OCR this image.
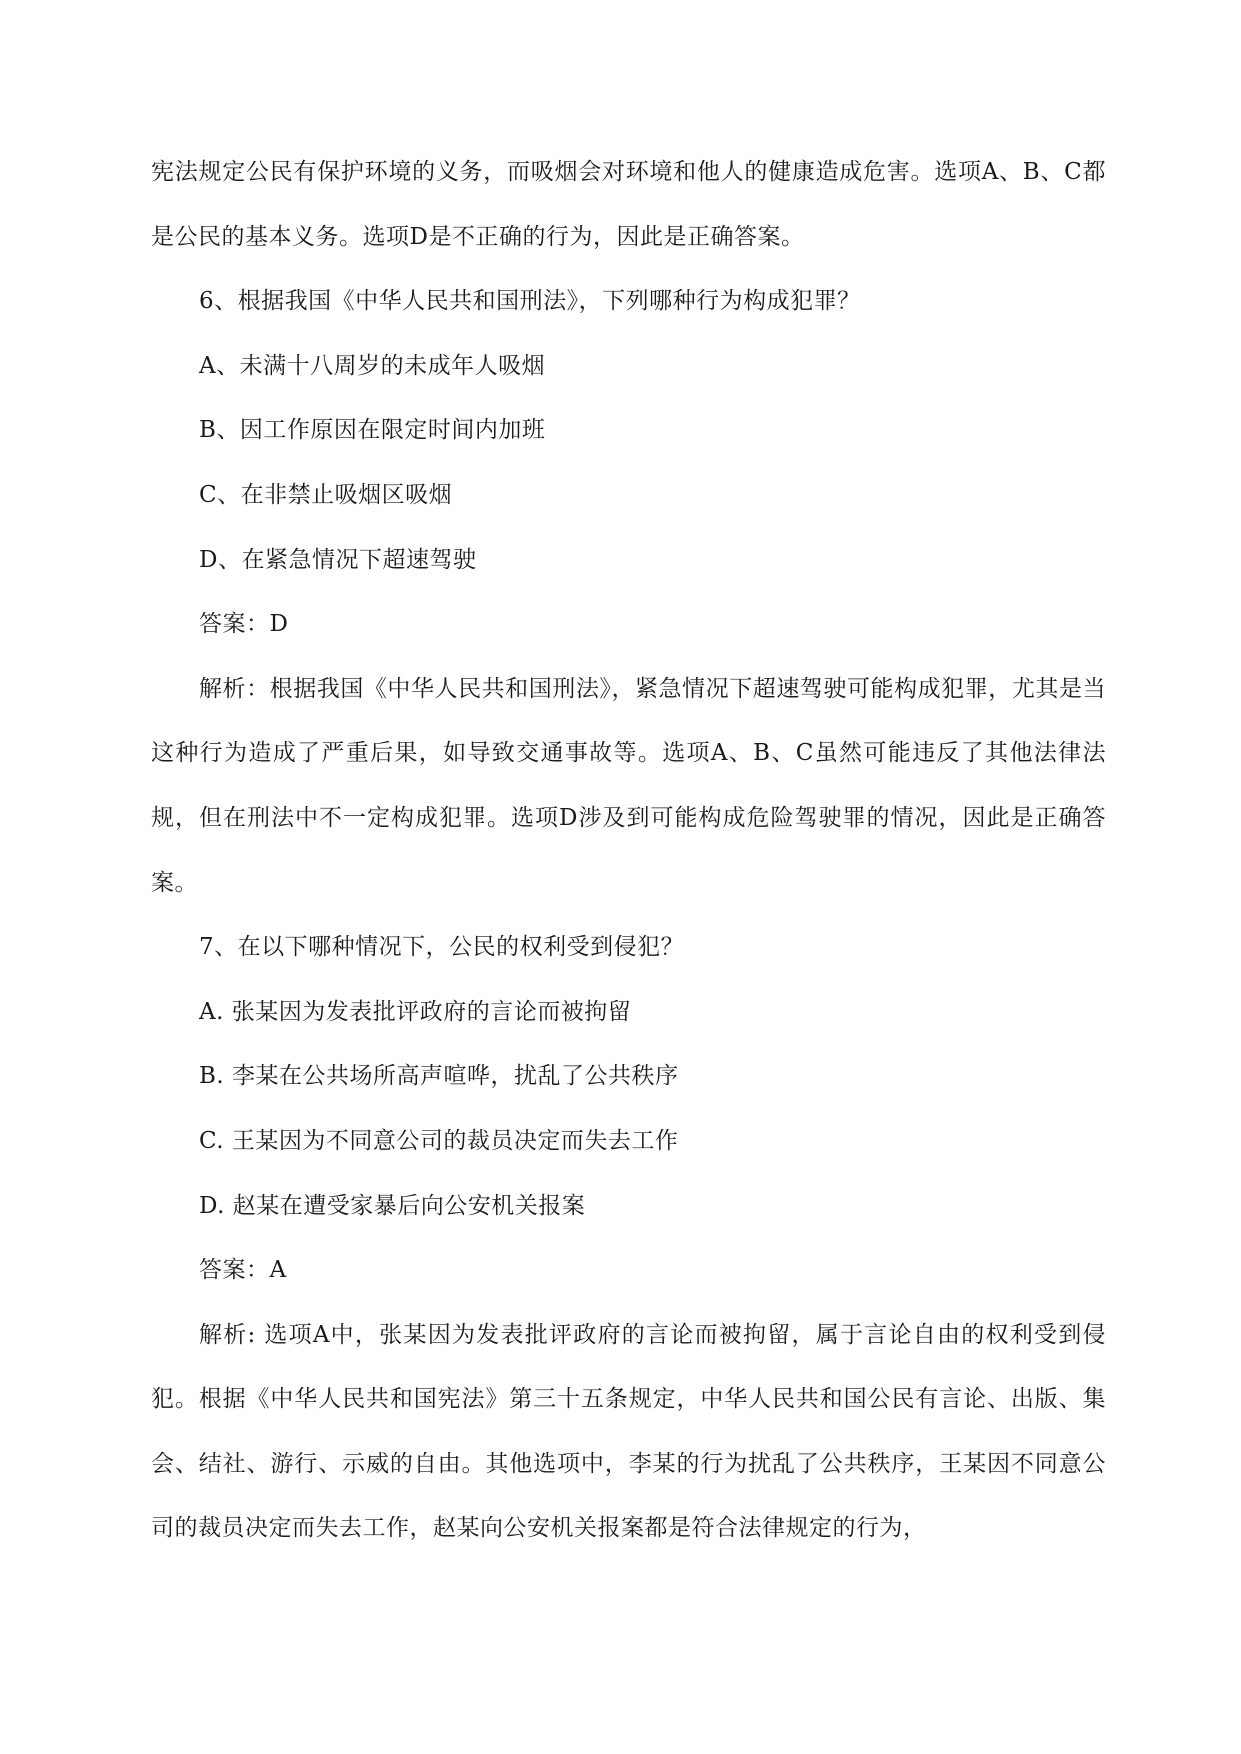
宪法规定公民有保护环境的义务，而吸烟会对环境和他人的健康造成危害。选项A、B、C都是公民的基本义务。选项D是不正确的行为，因此是正确答案。

6、根据我国《中华人民共和国刑法》，下列哪种行为构成犯罪？

A、未满十八周岁的未成年人吸烟

B、因工作原因在限定时间内加班

C、在非禁止吸烟区吸烟

D、在紧急情况下超速驾驶

答案：D

解析：根据我国《中华人民共和国刑法》，紧急情况下超速驾驶可能构成犯罪，尤其是当这种行为造成了严重后果，如导致交通事故等。选项A、B、C虽然可能违反了其他法律法规，但在刑法中不一定构成犯罪。选项D涉及到可能构成危险驾驶罪的情况，因此是正确答案。

7、在以下哪种情况下，公民的权利受到侵犯？

A. 张某因为发表批评政府的言论而被拘留

B. 李某在公共场所高声喧哗，扰乱了公共秩序

C. 王某因为不同意公司的裁员决定而失去工作

D. 赵某在遭受家暴后向公安机关报案

答案：A

解析: 选项A中，张某因为发表批评政府的言论而被拘留，属于言论自由的权利受到侵犯。根据《中华人民共和国宪法》第三十五条规定，中华人民共和国公民有言论、出版、集会、结社、游行、示威的自由。其他选项中，李某的行为扰乱了公共秩序，王某因不同意公司的裁员决定而失去工作，赵某向公安机关报案都是符合法律规定的行为，
